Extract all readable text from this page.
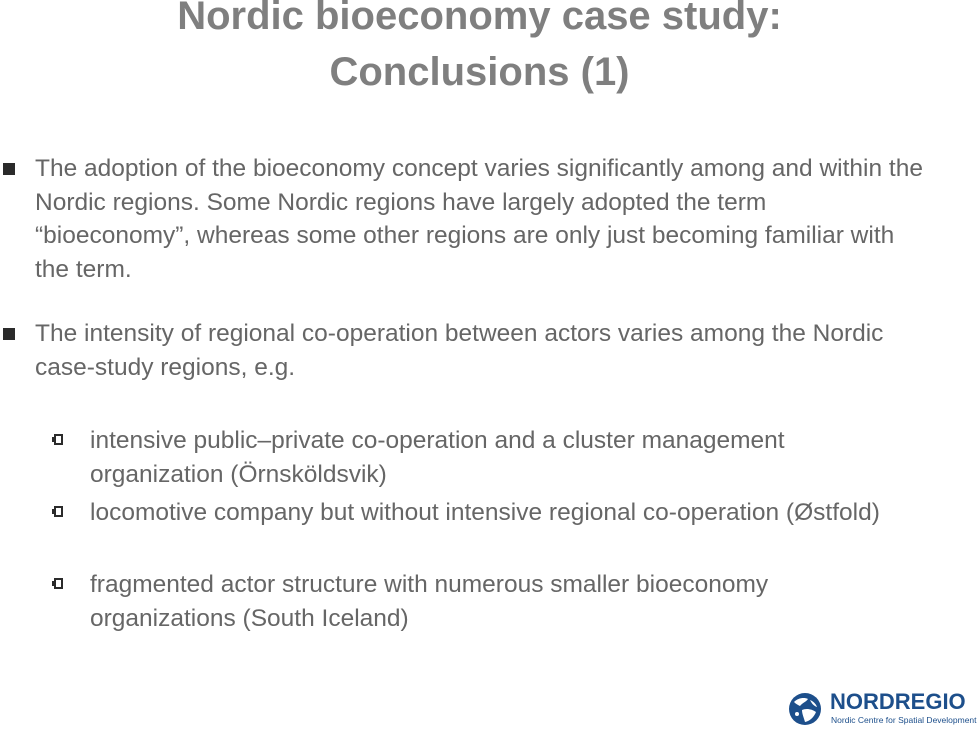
Nordic bioeconomy case study:
Conclusions (1)
The adoption of the bioeconomy concept varies significantly among and within the Nordic regions. Some Nordic regions have largely adopted the term “bioeconomy”, whereas some other regions are only just becoming familiar with the term.
The intensity of regional co-operation between actors varies among the Nordic case-study regions, e.g.
intensive public–private co-operation and a cluster management organization (Örnsköldsvik)
locomotive company but without intensive regional co-operation (Østfold)
fragmented actor structure with numerous smaller bioeconomy organizations (South Iceland)
NORDREGIO
Nordic Centre for Spatial Development
